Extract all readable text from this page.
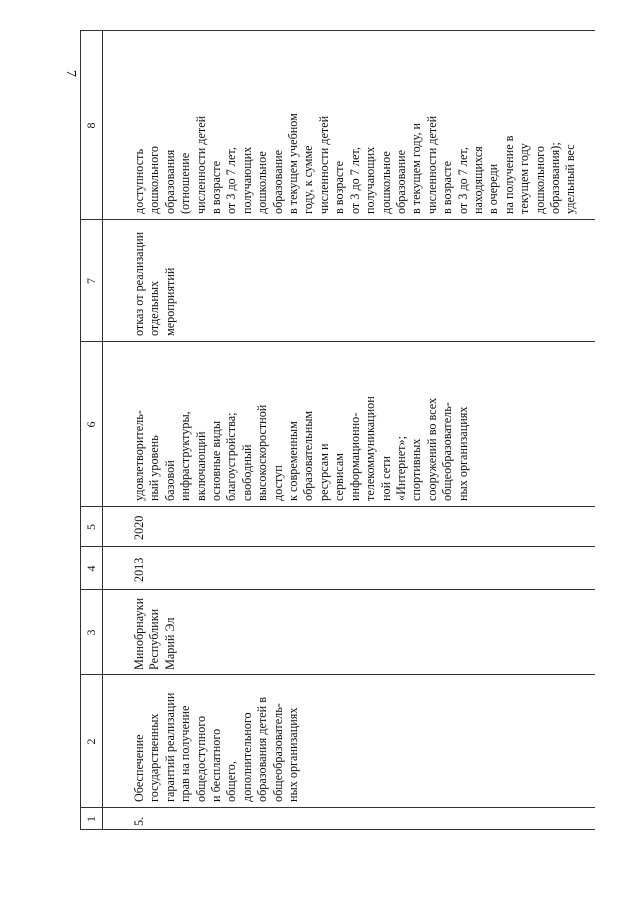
7
1
2
3
4
5
6
7
8
5.
Обеспечение государственных гарантий реализации прав на получение общедоступного и бесплатного общего, дополнительного образования детей в общеобразователь- ных организациях
Минобрнауки Республики Марий Эл
2013
2020
удовлетворитель- ный уровень базовой инфраструктуры, включающий основные виды благоустройства; свободный высокоскоростной доступ к современным образовательным ресурсам и сервисам информационно- телекоммуникацион ной сети «Интернет»; спортивных сооружений во всех общеобразователь- ных организациях
отказ от реализации отдельных мероприятий
доступность дошкольного образования (отношение численности детей в возрасте от 3 до 7 лет, получающих дошкольное образование в текущем учебном году, к сумме численности детей в возрасте от 3 до 7 лет, получающих дошкольное образование в текущем году, и численности детей в возрасте от 3 до 7 лет, находящихся в очереди на получение в текущем году дошкольного образования); удельный вес
